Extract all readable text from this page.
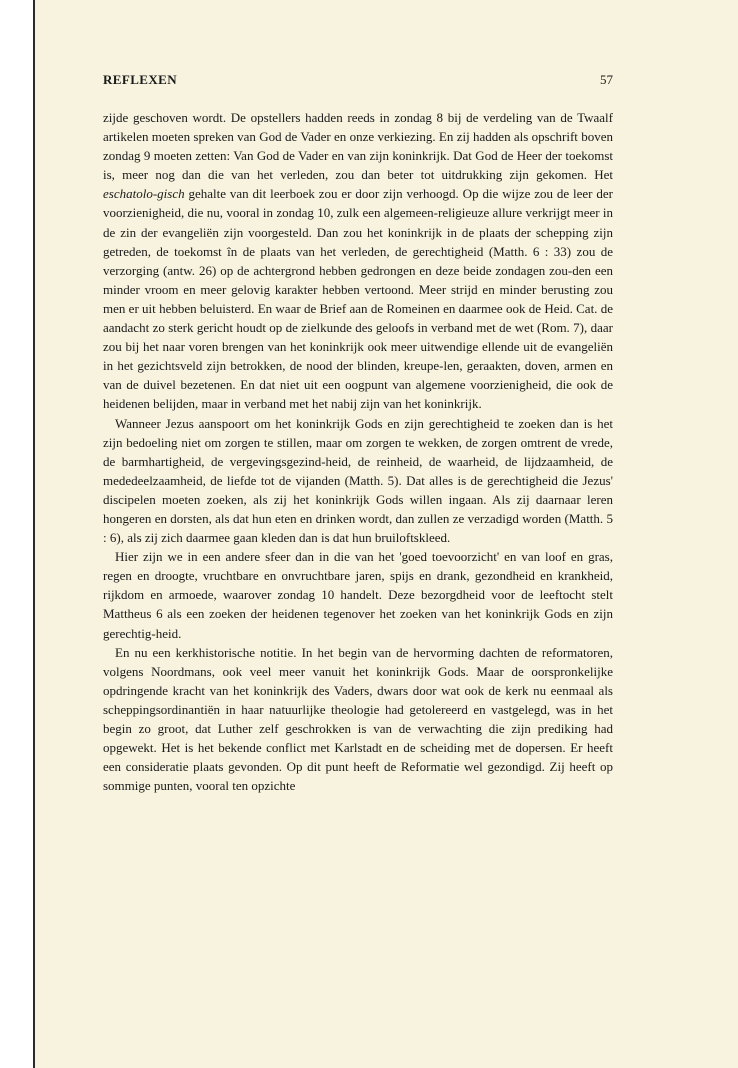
REFLEXEN	57

zijde geschoven wordt. De opstellers hadden reeds in zondag 8 bij de verdeling van de Twaalf artikelen moeten spreken van God de Vader en onze verkiezing. En zij hadden als opschrift boven zondag 9 moeten zetten: Van God de Vader en van zijn koninkrijk. Dat God de Heer der toekomst is, meer nog dan die van het verleden, zou dan beter tot uitdrukking zijn gekomen. Het eschatolo-gisch gehalte van dit leerboek zou er door zijn verhoogd. Op die wijze zou de leer der voorzienigheid, die nu, vooral in zondag 10, zulk een algemeen-religieuze allure verkrijgt meer in de zin der evangeliën zijn voorgesteld. Dan zou het koninkrijk in de plaats der schepping zijn getreden, de toekomst în de plaats van het verleden, de gerechtigheid (Matth. 6 : 33) zou de verzorging (antw. 26) op de achtergrond hebben gedrongen en deze beide zondagen zou-den een minder vroom en meer gelovig karakter hebben vertoond. Meer strijd en minder berusting zou men er uit hebben beluisterd. En waar de Brief aan de Romeinen en daarmee ook de Heid. Cat. de aandacht zo sterk gericht houdt op de zielkunde des geloofs in verband met de wet (Rom. 7), daar zou bij het naar voren brengen van het koninkrijk ook meer uitwendige ellende uit de evangeliën in het gezichtsveld zijn betrokken, de nood der blinden, kreupe-len, geraakten, doven, armen en van de duivel bezetenen. En dat niet uit een oogpunt van algemene voorzienigheid, die ook de heidenen belijden, maar in verband met het nabij zijn van het koninkrijk.

Wanneer Jezus aanspoort om het koninkrijk Gods en zijn gerechtigheid te zoeken dan is het zijn bedoeling niet om zorgen te stillen, maar om zorgen te wekken, de zorgen omtrent de vrede, de barmhartigheid, de vergevingsgezind-heid, de reinheid, de waarheid, de lijdzaamheid, de mededeelzaamheid, de liefde tot de vijanden (Matth. 5). Dat alles is de gerechtigheid die Jezus' discipelen moeten zoeken, als zij het koninkrijk Gods willen ingaan. Als zij daarnaar leren hongeren en dorsten, als dat hun eten en drinken wordt, dan zullen ze verzadigd worden (Matth. 5 : 6), als zij zich daarmee gaan kleden dan is dat hun bruiloftskleed.

Hier zijn we in een andere sfeer dan in die van het 'goed toevoorzicht' en van loof en gras, regen en droogte, vruchtbare en onvruchtbare jaren, spijs en drank, gezondheid en krankheid, rijkdom en armoede, waarover zondag 10 handelt. Deze bezorgdheid voor de leeftocht stelt Mattheus 6 als een zoeken der heidenen tegenover het zoeken van het koninkrijk Gods en zijn gerechtig-heid.

En nu een kerkhistorische notitie. In het begin van de hervorming dachten de reformatoren, volgens Noordmans, ook veel meer vanuit het koninkrijk Gods. Maar de oorspronkelijke opdringende kracht van het koninkrijk des Vaders, dwars door wat ook de kerk nu eenmaal als scheppingsordinantiën in haar natuurlijke theologie had getolereerd en vastgelegd, was in het begin zo groot, dat Luther zelf geschrokken is van de verwachting die zijn prediking had opgewekt. Het is het bekende conflict met Karlstadt en de scheiding met de dopersen. Er heeft een consideratie plaats gevonden. Op dit punt heeft de Reformatie wel gezondigd. Zij heeft op sommige punten, vooral ten opzichte
